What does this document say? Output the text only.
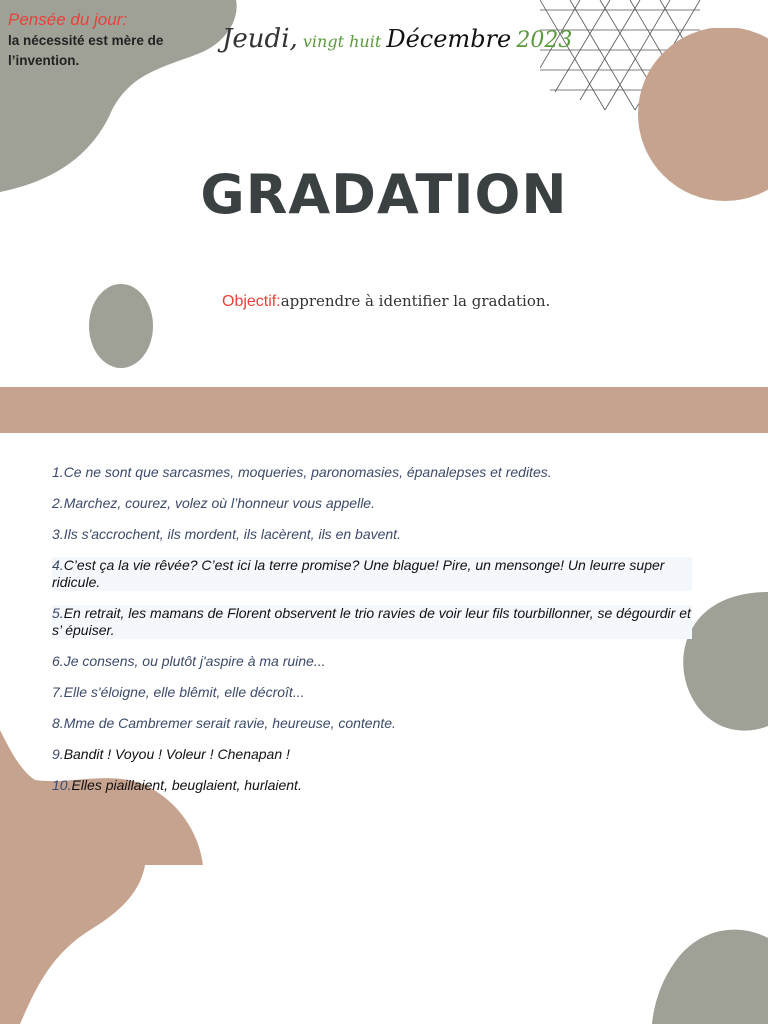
Pensée du jour:
la nécessité est mère de l’invention.
Jeudi, vingt huit Décembre 2023
GRADATION
Objectif:apprendre à identifier la gradation.

1.Ce ne sont que sarcasmes, moqueries, paronomasies, épanalepses et redites.

2.Marchez, courez, volez où l’honneur vous appelle.

3.Ils s'accrochent, ils mordent, ils lacèrent, ils en bavent.

4.C’est ça la vie rêvée? C’est ici la terre promise? Une blague! Pire, un mensonge! Un leurre super ridicule.

5.En retrait, les mamans de Florent observent le trio ravies de voir leur fils tourbillonner, se dégourdir et s’ épuiser.

6.Je consens, ou plutôt j'aspire à ma ruine...

7.Elle s'éloigne, elle blêmit, elle décroît...

8.Mme de Cambremer serait ravie, heureuse, contente.

9.Bandit ! Voyou ! Voleur ! Chenapan !

10.Elles piaillaient, beuglaient, hurlaient.
